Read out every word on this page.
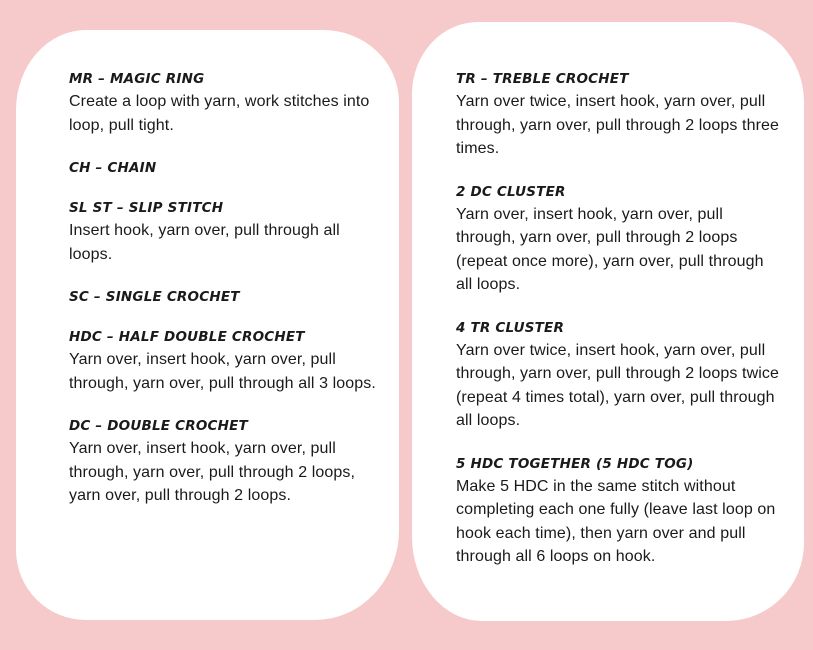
MR – MAGIC RING

Create a loop with yarn, work stitches into loop, pull tight.

CH – CHAIN

SL ST – SLIP STITCH

Insert hook, yarn over, pull through all loops.

SC – SINGLE CROCHET

HDC – HALF DOUBLE CROCHET

Yarn over, insert hook, yarn over, pull through, yarn over, pull through all 3 loops.

DC – DOUBLE CROCHET

Yarn over, insert hook, yarn over, pull through, yarn over, pull through 2 loops, yarn over, pull through 2 loops.

TR – TREBLE CROCHET

Yarn over twice, insert hook, yarn over, pull through, yarn over, pull through 2 loops three times.

2 DC CLUSTER

Yarn over, insert hook, yarn over, pull through, yarn over, pull through 2 loops (repeat once more), yarn over, pull through all loops.

4 TR CLUSTER

Yarn over twice, insert hook, yarn over, pull through, yarn over, pull through 2 loops twice (repeat 4 times total), yarn over, pull through all loops.

5 HDC TOGETHER (5 HDC TOG)

Make 5 HDC in the same stitch without completing each one fully (leave last loop on hook each time), then yarn over and pull through all 6 loops on hook.
